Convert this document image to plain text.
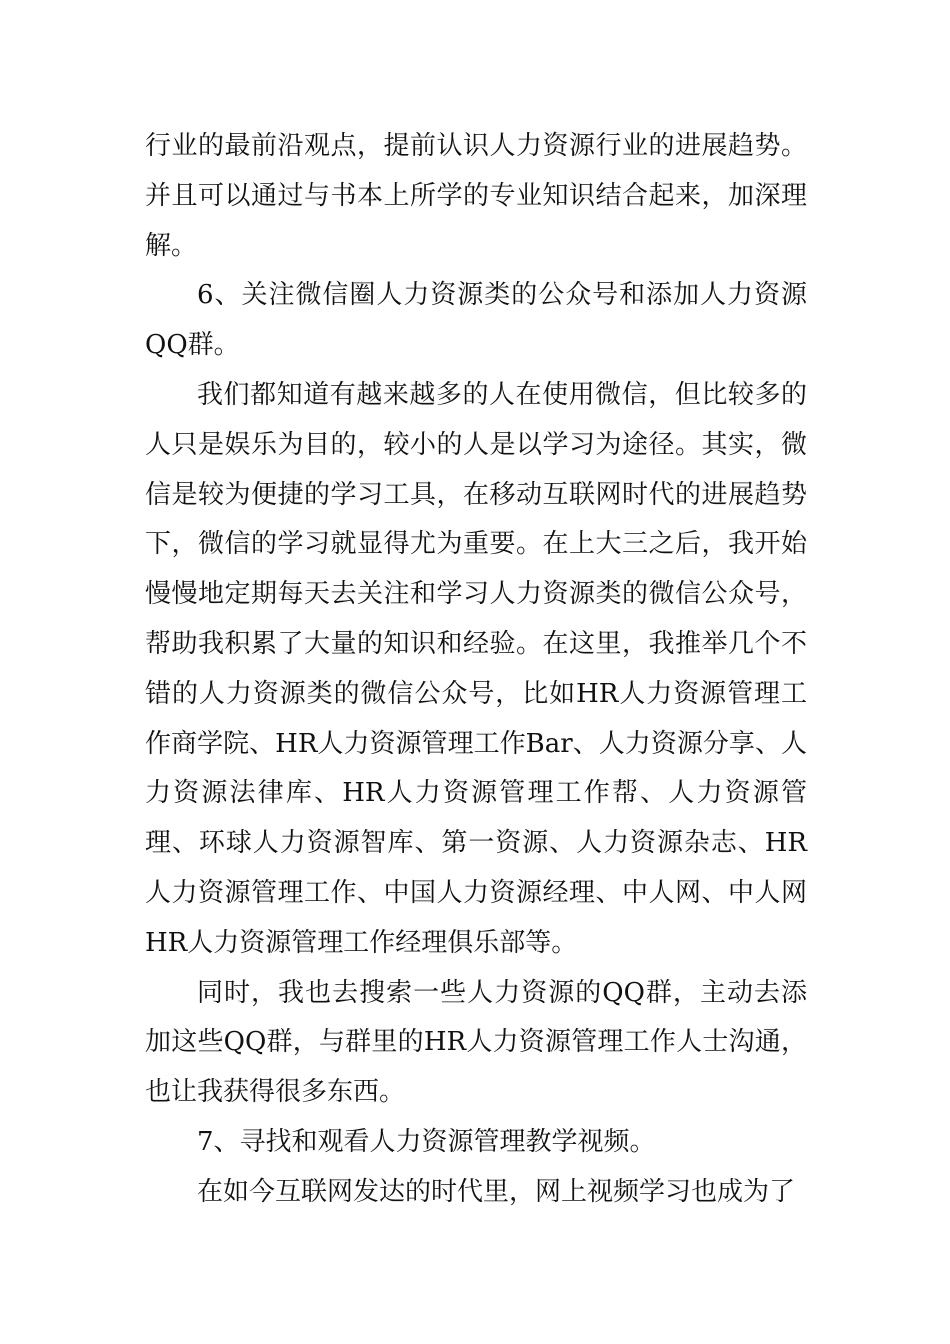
行业的最前沿观点，提前认识人力资源行业的进展趋势。并且可以通过与书本上所学的专业知识结合起来，加深理解。

6、关注微信圈人力资源类的公众号和添加人力资源QQ群。

我们都知道有越来越多的人在使用微信，但比较多的人只是娱乐为目的，较小的人是以学习为途径。其实，微信是较为便捷的学习工具，在移动互联网时代的进展趋势下，微信的学习就显得尤为重要。在上大三之后，我开始慢慢地定期每天去关注和学习人力资源类的微信公众号，帮助我积累了大量的知识和经验。在这里，我推举几个不错的人力资源类的微信公众号，比如HR人力资源管理工作商学院、HR人力资源管理工作Bar、人力资源分享、人力资源法律库、HR人力资源管理工作帮、人力资源管理、环球人力资源智库、第一资源、人力资源杂志、HR人力资源管理工作、中国人力资源经理、中人网、中人网HR人力资源管理工作经理俱乐部等。

同时，我也去搜索一些人力资源的QQ群，主动去添加这些QQ群，与群里的HR人力资源管理工作人士沟通，也让我获得很多东西。

7、寻找和观看人力资源管理教学视频。

在如今互联网发达的时代里，网上视频学习也成为了
